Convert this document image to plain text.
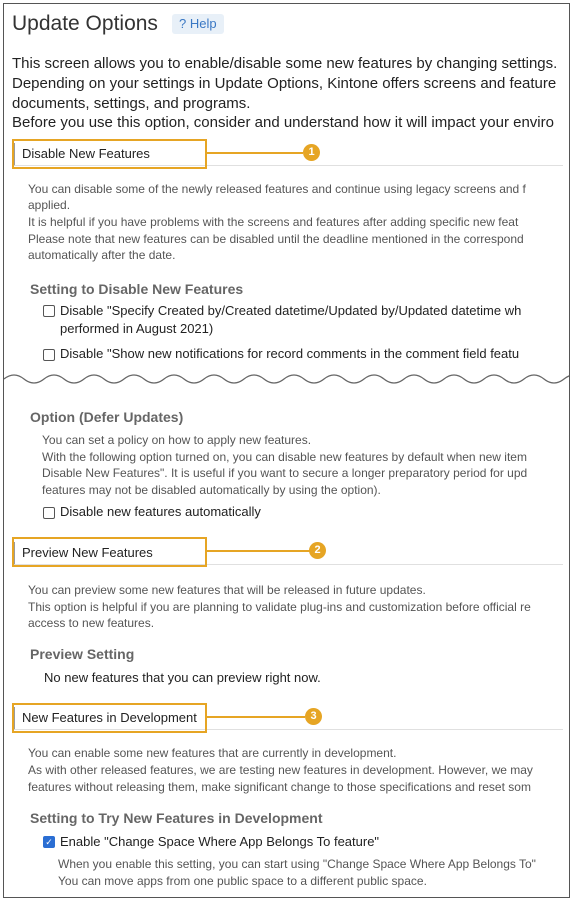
Update Options	? Help
This screen allows you to enable/disable some new features by changing settings.
Depending on your settings in Update Options, Kintone offers screens and feature
documents, settings, and programs.
Before you use this option, consider and understand how it will impact your enviro
Disable New Features	1
You can disable some of the newly released features and continue using legacy screens and f
applied.
It is helpful if you have problems with the screens and features after adding specific new feat
Please note that new features can be disabled until the deadline mentioned in the correspond
automatically after the date.
Setting to Disable New Features
Disable "Specify Created by/Created datetime/Updated by/Updated datetime wh
performed in August 2021)
Disable "Show new notifications for record comments in the comment field featu
Option (Defer Updates)
You can set a policy on how to apply new features.
With the following option turned on, you can disable new features by default when new item
Disable New Features". It is useful if you want to secure a longer preparatory period for upd
features may not be disabled automatically by using the option).
Disable new features automatically
Preview New Features	2
You can preview some new features that will be released in future updates.
This option is helpful if you are planning to validate plug-ins and customization before official re
access to new features.
Preview Setting
No new features that you can preview right now.
New Features in Development	3
You can enable some new features that are currently in development.
As with other released features, we are testing new features in development. However, we may
features without releasing them, make significant change to those specifications and reset som
Setting to Try New Features in Development
✓ Enable "Change Space Where App Belongs To feature"
When you enable this setting, you can start using "Change Space Where App Belongs To"
You can move apps from one public space to a different public space.
